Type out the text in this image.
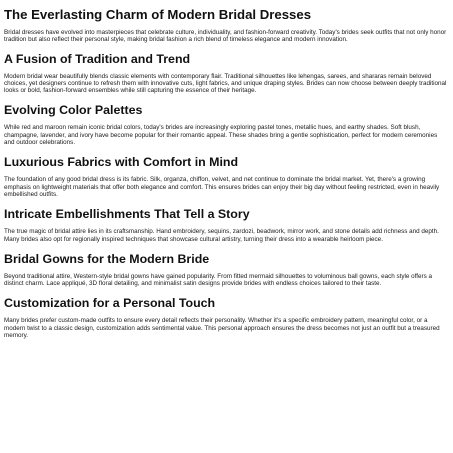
The Everlasting Charm of Modern Bridal Dresses

Bridal dresses have evolved into masterpieces that celebrate culture, individuality, and fashion-forward creativity. Today's brides seek outfits that not only honor tradition but also reflect their personal style, making bridal fashion a rich blend of timeless elegance and modern innovation.

A Fusion of Tradition and Trend

Modern bridal wear beautifully blends classic elements with contemporary flair. Traditional silhouettes like lehengas, sarees, and shararas remain beloved choices, yet designers continue to refresh them with innovative cuts, light fabrics, and unique draping styles. Brides can now choose between deeply traditional looks or bold, fashion-forward ensembles while still capturing the essence of their heritage.

Evolving Color Palettes

While red and maroon remain iconic bridal colors, today's brides are increasingly exploring pastel tones, metallic hues, and earthy shades. Soft blush, champagne, lavender, and ivory have become popular for their romantic appeal. These shades bring a gentle sophistication, perfect for modern ceremonies and outdoor celebrations.

Luxurious Fabrics with Comfort in Mind

The foundation of any good bridal dress is its fabric. Silk, organza, chiffon, velvet, and net continue to dominate the bridal market. Yet, there's a growing emphasis on lightweight materials that offer both elegance and comfort. This ensures brides can enjoy their big day without feeling restricted, even in heavily embellished outfits.

Intricate Embellishments That Tell a Story

The true magic of bridal attire lies in its craftsmanship. Hand embroidery, sequins, zardozi, beadwork, mirror work, and stone details add richness and depth. Many brides also opt for regionally inspired techniques that showcase cultural artistry, turning their dress into a wearable heirloom piece.

Bridal Gowns for the Modern Bride

Beyond traditional attire, Western-style bridal gowns have gained popularity. From fitted mermaid silhouettes to voluminous ball gowns, each style offers a distinct charm. Lace appliqué, 3D floral detailing, and minimalist satin designs provide brides with endless choices tailored to their taste.

Customization for a Personal Touch

Many brides prefer custom-made outfits to ensure every detail reflects their personality. Whether it's a specific embroidery pattern, meaningful color, or a modern twist to a classic design, customization adds sentimental value. This personal approach ensures the dress becomes not just an outfit but a treasured memory.
